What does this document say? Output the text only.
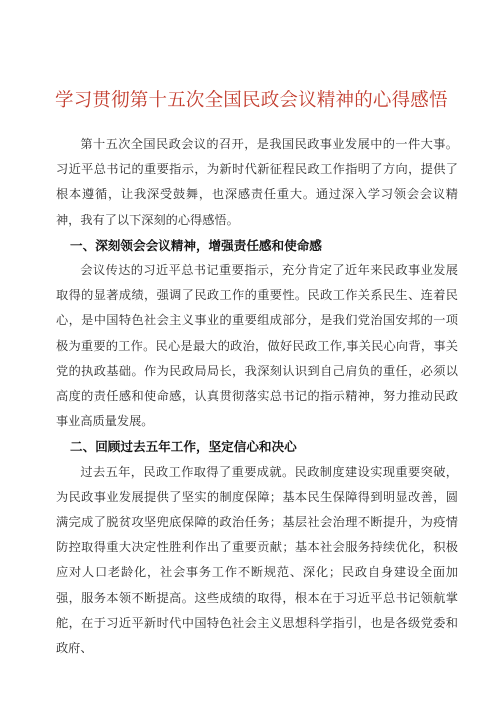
学习贯彻第十五次全国民政会议精神的心得感悟

第十五次全国民政会议的召开，是我国民政事业发展中的一件大事。习近平总书记的重要指示，为新时代新征程民政工作指明了方向，提供了根本遵循，让我深受鼓舞，也深感责任重大。通过深入学习领会会议精神，我有了以下深刻的心得感悟。

一、深刻领会会议精神，增强责任感和使命感

会议传达的习近平总书记重要指示，充分肯定了近年来民政事业发展取得的显著成绩，强调了民政工作的重要性。民政工作关系民生、连着民心，是中国特色社会主义事业的重要组成部分，是我们党治国安邦的一项极为重要的工作。民心是最大的政治，做好民政工作,事关民心向背，事关党的执政基础。作为民政局局长，我深刻认识到自己肩负的重任，必须以高度的责任感和使命感，认真贯彻落实总书记的指示精神，努力推动民政事业高质量发展。

二、回顾过去五年工作，坚定信心和决心

过去五年，民政工作取得了重要成就。民政制度建设实现重要突破，为民政事业发展提供了坚实的制度保障；基本民生保障得到明显改善，圆满完成了脱贫攻坚兜底保障的政治任务；基层社会治理不断提升，为疫情防控取得重大决定性胜利作出了重要贡献；基本社会服务持续优化，积极应对人口老龄化，社会事务工作不断规范、深化；民政自身建设全面加强，服务本领不断提高。这些成绩的取得，根本在于习近平总书记领航掌舵，在于习近平新时代中国特色社会主义思想科学指引，也是各级党委和政府、
